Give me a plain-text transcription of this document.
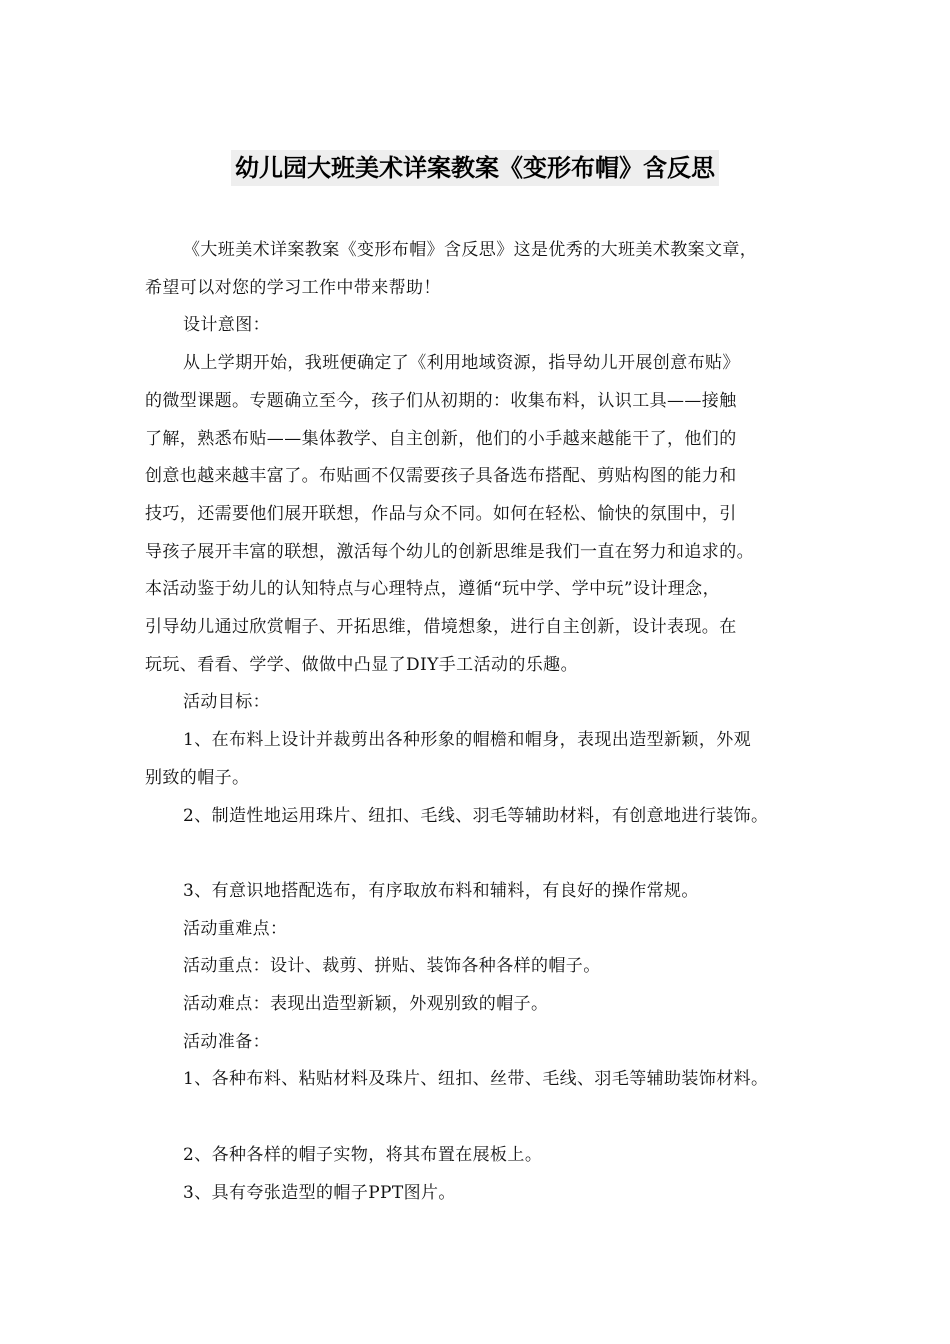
幼儿园大班美术详案教案《变形布帽》含反思

《大班美术详案教案《变形布帽》含反思》这是优秀的大班美术教案文章，

希望可以对您的学习工作中带来帮助！

设计意图：

从上学期开始，我班便确定了《利用地域资源，指导幼儿开展创意布贴》

的微型课题。专题确立至今，孩子们从初期的：收集布料，认识工具——接触

了解，熟悉布贴——集体教学、自主创新，他们的小手越来越能干了，他们的

创意也越来越丰富了。布贴画不仅需要孩子具备选布搭配、剪贴构图的能力和

技巧，还需要他们展开联想，作品与众不同。如何在轻松、愉快的氛围中，引

导孩子展开丰富的联想，激活每个幼儿的创新思维是我们一直在努力和追求的。

本活动鉴于幼儿的认知特点与心理特点，遵循“玩中学、学中玩”设计理念，

引导幼儿通过欣赏帽子、开拓思维，借境想象，进行自主创新，设计表现。在

玩玩、看看、学学、做做中凸显了DIY手工活动的乐趣。

活动目标：

1、在布料上设计并裁剪出各种形象的帽檐和帽身，表现出造型新颖，外观

别致的帽子。

2、制造性地运用珠片、纽扣、毛线、羽毛等辅助材料，有创意地进行装饰。

3、有意识地搭配选布，有序取放布料和辅料，有良好的操作常规。

活动重难点：

活动重点：设计、裁剪、拼贴、装饰各种各样的帽子。

活动难点：表现出造型新颖，外观别致的帽子。

活动准备：

1、各种布料、粘贴材料及珠片、纽扣、丝带、毛线、羽毛等辅助装饰材料。

2、各种各样的帽子实物，将其布置在展板上。

3、具有夸张造型的帽子PPT图片。
